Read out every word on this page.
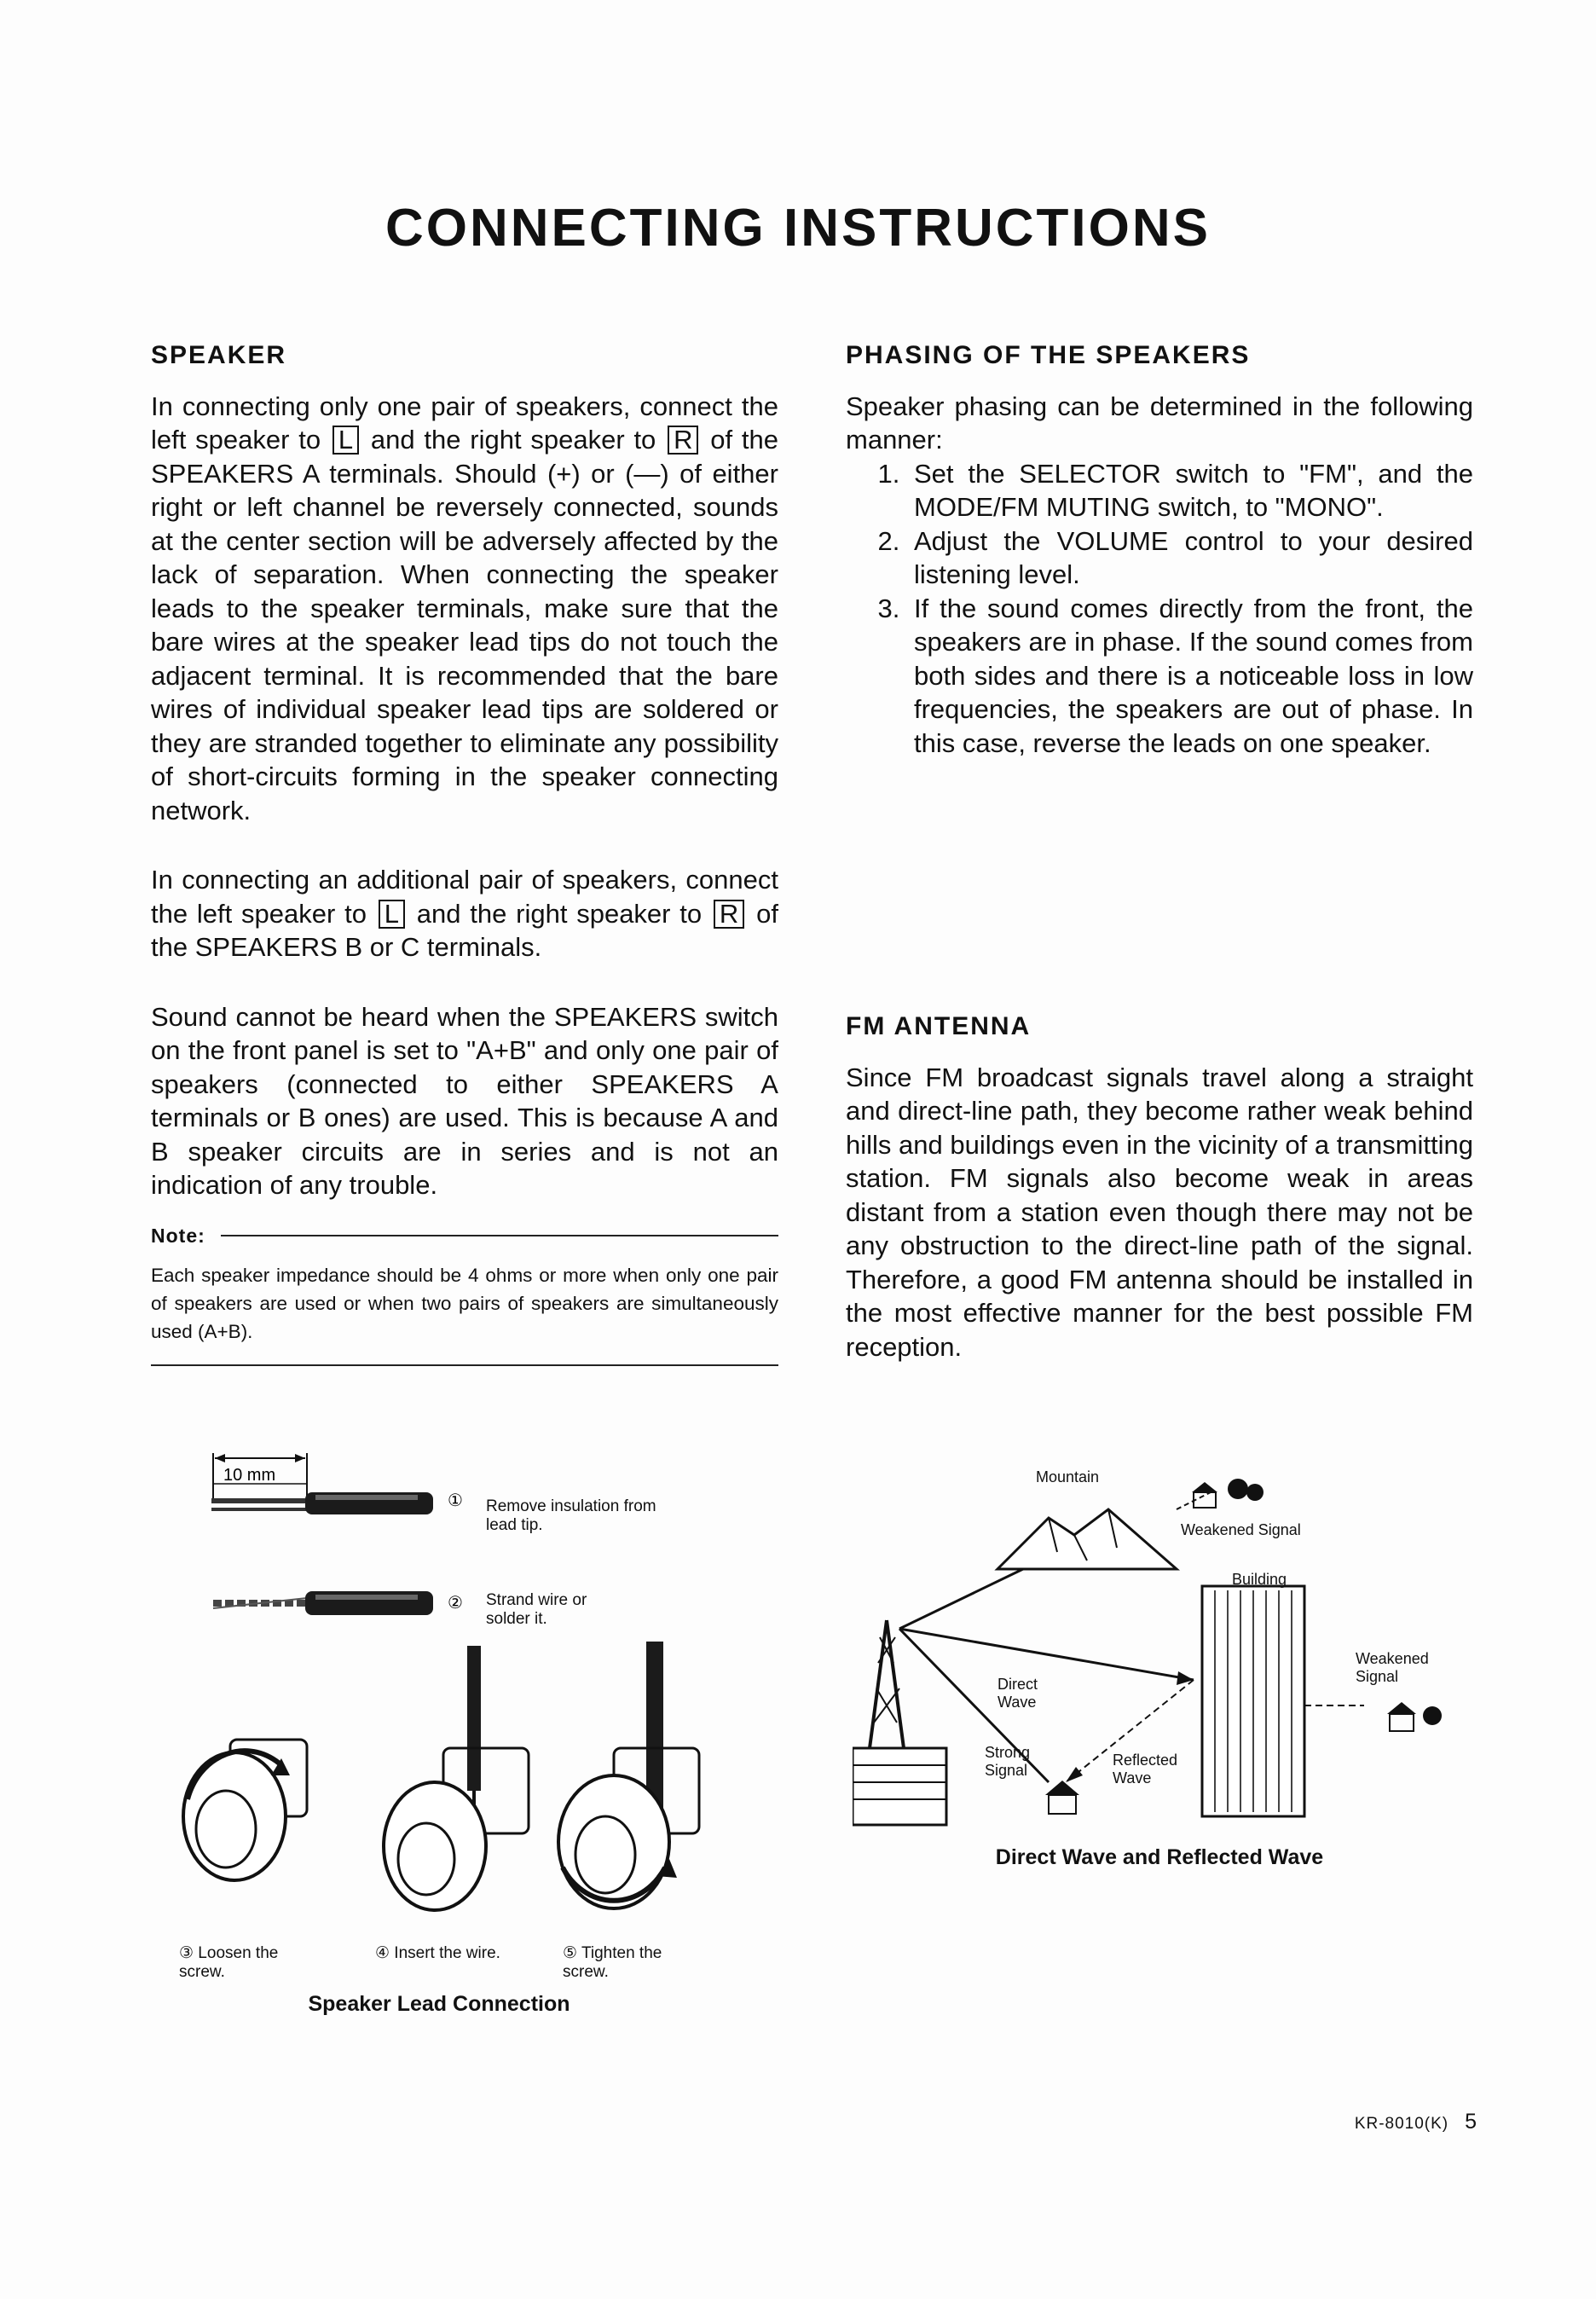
CONNECTING INSTRUCTIONS
SPEAKER

In connecting only one pair of speakers, connect the left speaker to L and the right speaker to R of the SPEAKERS A terminals. Should (+) or (—) of either right or left channel be reversely connected, sounds at the center section will be adversely affected by the lack of separation. When connecting the speaker leads to the speaker terminals, make sure that the bare wires at the speaker lead tips do not touch the adjacent terminal. It is recommended that the bare wires of individual speaker lead tips are soldered or they are stranded together to eliminate any possibility of short-circuits forming in the speaker connecting network.

In connecting an additional pair of speakers, connect the left speaker to L and the right speaker to R of the SPEAKERS B or C terminals.

Sound cannot be heard when the SPEAKERS switch on the front panel is set to "A+B" and only one pair of speakers (connected to either SPEAKERS A terminals or B ones) are used. This is because A and B speaker circuits are in series and is not an indication of any trouble.

Note:
Each speaker impedance should be 4 ohms or more when only one pair of speakers are used or when two pairs of speakers are simultaneously used (A+B).
PHASING OF THE SPEAKERS

Speaker phasing can be determined in the following manner:

1. Set the SELECTOR switch to "FM", and the MODE/FM MUTING switch, to "MONO".
2. Adjust the VOLUME control to your desired listening level.
3. If the sound comes directly from the front, the speakers are in phase. If the sound comes from both sides and there is a noticeable loss in low frequencies, the speakers are out of phase. In this case, reverse the leads on one speaker.
FM ANTENNA

Since FM broadcast signals travel along a straight and direct-line path, they become rather weak behind hills and buildings even in the vicinity of a transmitting station. FM signals also become weak in areas distant from a station even though there may not be any obstruction to the direct-line path of the signal. Therefore, a good FM antenna should be installed in the most effective manner for the best possible FM reception.

10 mm
①
②
Remove insulation from lead tip.
Strand wire or solder it.
③ Loosen the screw.
④ Insert the wire.	⑤ Tighten the screw.
Speaker Lead Connection
Mountain
Weakened Signal
Building
Weakened Signal
Direct Wave
Strong Signal
Reflected Wave
Direct Wave and Reflected Wave
KR-8010(K) 5
